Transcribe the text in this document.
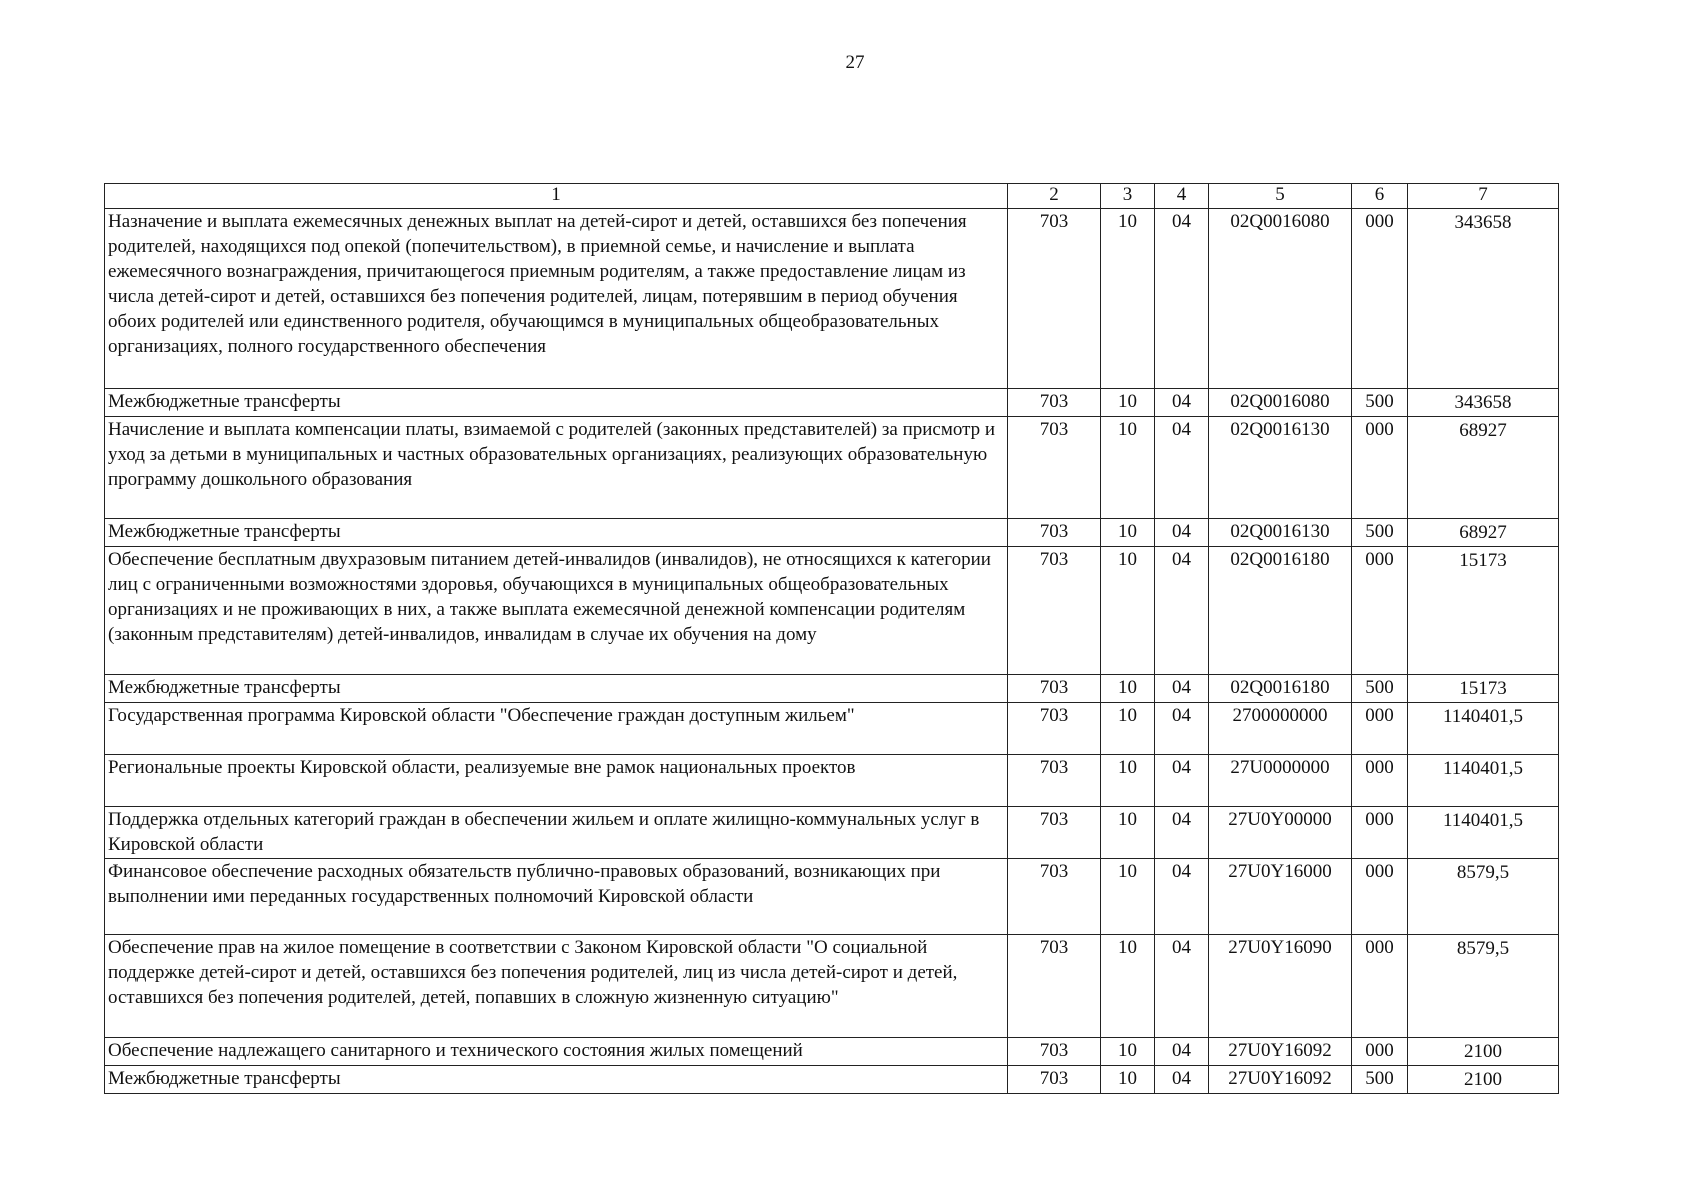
27
1	2	3	4	5	6	7
Назначение и выплата ежемесячных денежных выплат на детей-сирот и детей, оставшихся без попечения родителей, находящихся под опекой (попечительством), в приемной семье, и начисление и выплата ежемесячного вознаграждения, причитающегося приемным родителям, а также предоставление лицам из числа детей-сирот и детей, оставшихся без попечения родителей, лицам, потерявшим в период обучения обоих родителей или единственного родителя, обучающимся в муниципальных общеобразовательных организациях, полного государственного обеспечения	703	10	04	02Q0016080	000	343658
Межбюджетные трансферты	703	10	04	02Q0016080	500	343658
Начисление и выплата компенсации платы, взимаемой с родителей (законных представителей) за присмотр и уход за детьми в муниципальных и частных образовательных организациях, реализующих образовательную программу дошкольного образования	703	10	04	02Q0016130	000	68927
Межбюджетные трансферты	703	10	04	02Q0016130	500	68927
Обеспечение бесплатным двухразовым питанием детей-инвалидов (инвалидов), не относящихся к категории лиц с ограниченными возможностями здоровья, обучающихся в муниципальных общеобразовательных организациях и не проживающих в них, а также выплата ежемесячной денежной компенсации родителям (законным представителям) детей-инвалидов, инвалидам в случае их обучения на дому	703	10	04	02Q0016180	000	15173
Межбюджетные трансферты	703	10	04	02Q0016180	500	15173
Государственная программа Кировской области "Обеспечение граждан доступным жильем"	703	10	04	2700000000	000	1140401,5
Региональные проекты Кировской области, реализуемые вне рамок национальных проектов	703	10	04	27U0000000	000	1140401,5
Поддержка отдельных категорий граждан в обеспечении жильем и оплате жилищно-коммунальных услуг в Кировской области	703	10	04	27U0Y00000	000	1140401,5
Финансовое обеспечение расходных обязательств публично-правовых образований, возникающих при выполнении ими переданных государственных полномочий Кировской области	703	10	04	27U0Y16000	000	8579,5
Обеспечение прав на жилое помещение в соответствии с Законом Кировской области "О социальной поддержке детей-сирот и детей, оставшихся без попечения родителей, лиц из числа детей-сирот и детей, оставшихся без попечения родителей, детей, попавших в сложную жизненную ситуацию"	703	10	04	27U0Y16090	000	8579,5
Обеспечение надлежащего санитарного и технического состояния жилых помещений	703	10	04	27U0Y16092	000	2100
Межбюджетные трансферты	703	10	04	27U0Y16092	500	2100
